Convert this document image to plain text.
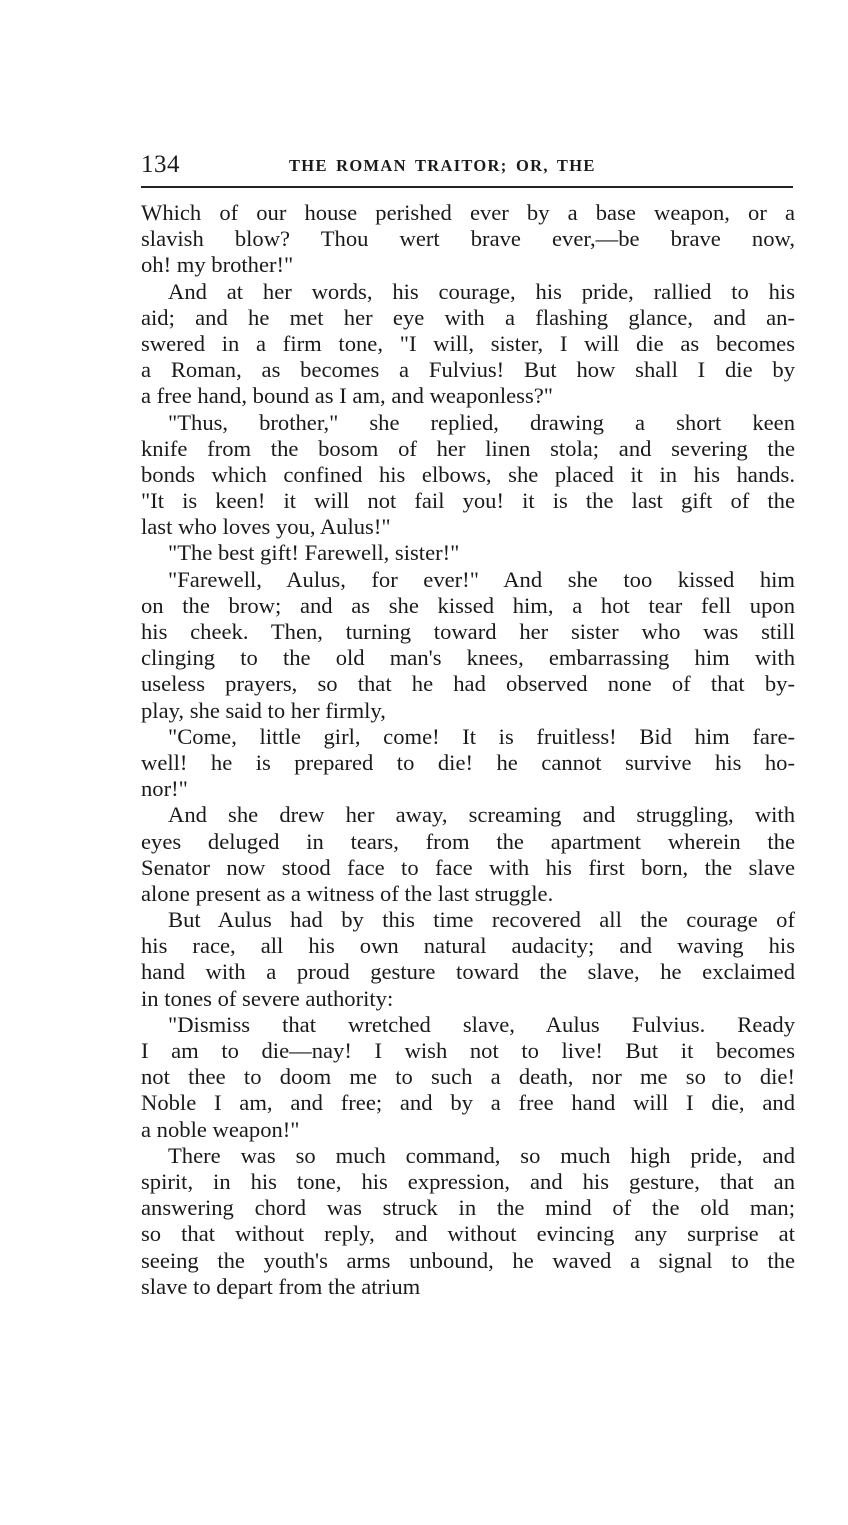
134	THE ROMAN TRAITOR; OR, THE
Which of our house perished ever by a base weapon, or a
slavish blow? Thou wert brave ever,—be brave now,
oh! my brother!"
And at her words, his courage, his pride, rallied to his
aid; and he met her eye with a flashing glance, and an-
swered in a firm tone, "I will, sister, I will die as becomes
a Roman, as becomes a Fulvius! But how shall I die by
a free hand, bound as I am, and weaponless?"
"Thus, brother," she replied, drawing a short keen
knife from the bosom of her linen stola; and severing the
bonds which confined his elbows, she placed it in his hands.
"It is keen! it will not fail you! it is the last gift of the
last who loves you, Aulus!"
"The best gift! Farewell, sister!"
"Farewell, Aulus, for ever!" And she too kissed him
on the brow; and as she kissed him, a hot tear fell upon
his cheek. Then, turning toward her sister who was still
clinging to the old man's knees, embarrassing him with
useless prayers, so that he had observed none of that by-
play, she said to her firmly,
"Come, little girl, come! It is fruitless! Bid him fare-
well! he is prepared to die! he cannot survive his ho-
nor!"
And she drew her away, screaming and struggling, with
eyes deluged in tears, from the apartment wherein the
Senator now stood face to face with his first born, the slave
alone present as a witness of the last struggle.
But Aulus had by this time recovered all the courage of
his race, all his own natural audacity; and waving his
hand with a proud gesture toward the slave, he exclaimed
in tones of severe authority:
"Dismiss that wretched slave, Aulus Fulvius. Ready
I am to die—nay! I wish not to live! But it becomes
not thee to doom me to such a death, nor me so to die!
Noble I am, and free; and by a free hand will I die, and
a noble weapon!"
There was so much command, so much high pride, and
spirit, in his tone, his expression, and his gesture, that an
answering chord was struck in the mind of the old man;
so that without reply, and without evincing any surprise at
seeing the youth's arms unbound, he waved a signal to the
slave to depart from the atrium
